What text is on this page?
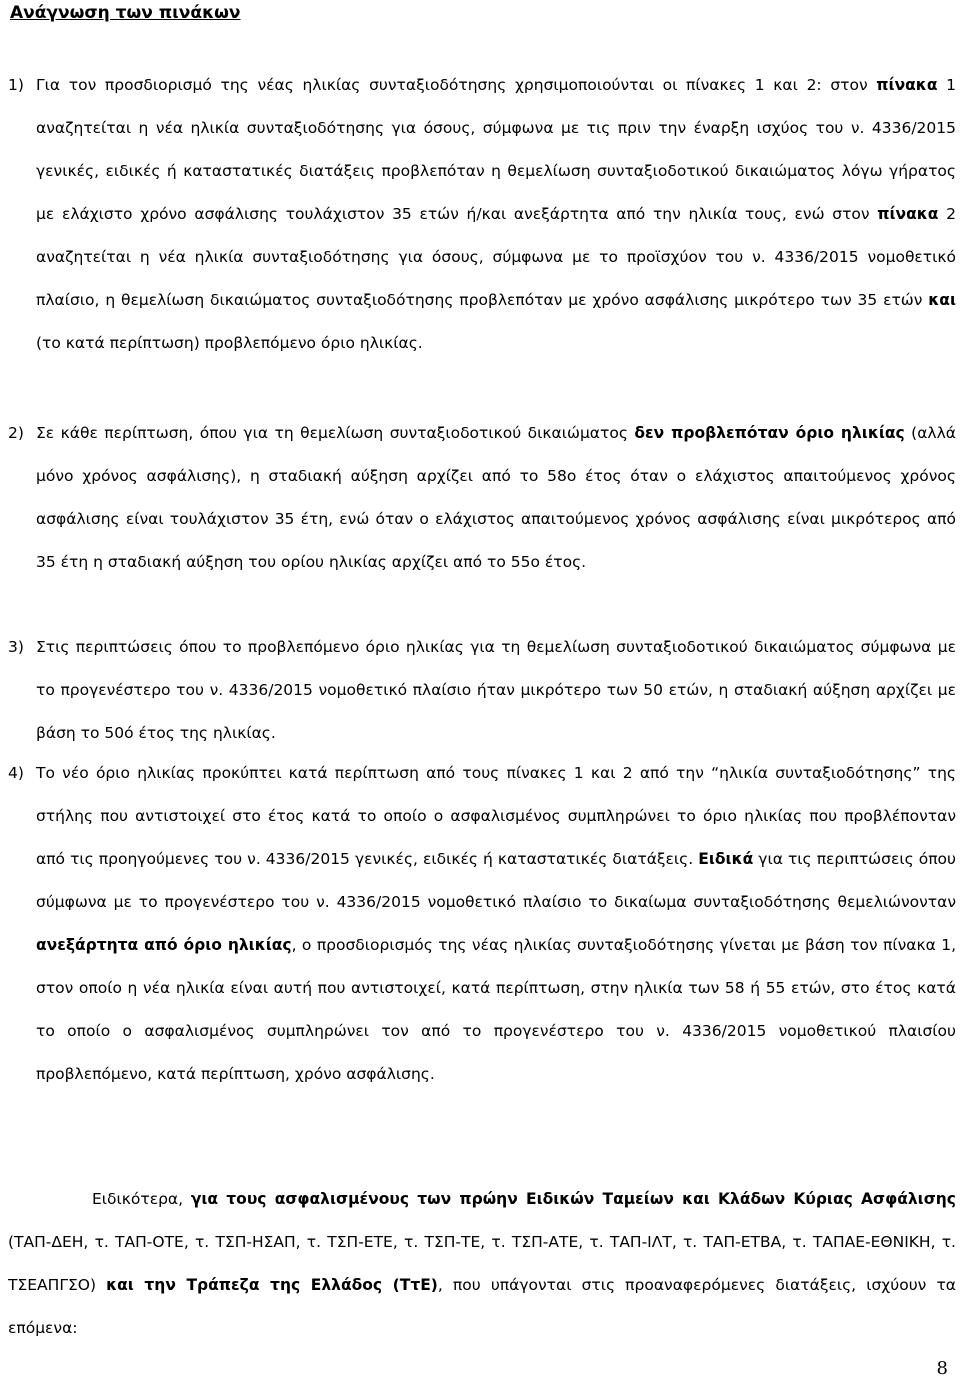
Ανάγνωση των πινάκων
1) Για τον προσδιορισμό της νέας ηλικίας συνταξιοδότησης χρησιμοποιούνται οι πίνακες 1 και 2: στον πίνακα 1 αναζητείται η νέα ηλικία συνταξιοδότησης για όσους, σύμφωνα με τις πριν την έναρξη ισχύος του ν. 4336/2015 γενικές, ειδικές ή καταστατικές διατάξεις προβλεπόταν η θεμελίωση συνταξιοδοτικού δικαιώματος λόγω γήρατος με ελάχιστο χρόνο ασφάλισης τουλάχιστον 35 ετών ή/και ανεξάρτητα από την ηλικία τους, ενώ στον πίνακα 2 αναζητείται η νέα ηλικία συνταξιοδότησης για όσους, σύμφωνα με το προϊσχύον του ν. 4336/2015 νομοθετικό πλαίσιο, η θεμελίωση δικαιώματος συνταξιοδότησης προβλεπόταν με χρόνο ασφάλισης μικρότερο των 35 ετών και (το κατά περίπτωση) προβλεπόμενο όριο ηλικίας.
2) Σε κάθε περίπτωση, όπου για τη θεμελίωση συνταξιοδοτικού δικαιώματος δεν προβλεπόταν όριο ηλικίας (αλλά μόνο χρόνος ασφάλισης), η σταδιακή αύξηση αρχίζει από το 58ο έτος όταν ο ελάχιστος απαιτούμενος χρόνος ασφάλισης είναι τουλάχιστον 35 έτη, ενώ όταν ο ελάχιστος απαιτούμενος χρόνος ασφάλισης είναι μικρότερος από 35 έτη η σταδιακή αύξηση του ορίου ηλικίας αρχίζει από το 55ο έτος.
3) Στις περιπτώσεις όπου το προβλεπόμενο όριο ηλικίας για τη θεμελίωση συνταξιοδοτικού δικαιώματος σύμφωνα με το προγενέστερο του ν. 4336/2015 νομοθετικό πλαίσιο ήταν μικρότερο των 50 ετών, η σταδιακή αύξηση αρχίζει με βάση το 50ό έτος της ηλικίας.
4) Το νέο όριο ηλικίας προκύπτει κατά περίπτωση από τους πίνακες 1 και 2 από την “ηλικία συνταξιοδότησης” της στήλης που αντιστοιχεί στο έτος κατά το οποίο ο ασφαλισμένος συμπληρώνει το όριο ηλικίας που προβλέπονταν από τις προηγούμενες του ν. 4336/2015 γενικές, ειδικές ή καταστατικές διατάξεις. Ειδικά για τις περιπτώσεις όπου σύμφωνα με το προγενέστερο του ν. 4336/2015 νομοθετικό πλαίσιο το δικαίωμα συνταξιοδότησης θεμελιώνονταν ανεξάρτητα από όριο ηλικίας, ο προσδιορισμός της νέας ηλικίας συνταξιοδότησης γίνεται με βάση τον πίνακα 1, στον οποίο η νέα ηλικία είναι αυτή που αντιστοιχεί, κατά περίπτωση, στην ηλικία των 58 ή 55 ετών, στο έτος κατά το οποίο ο ασφαλισμένος συμπληρώνει τον από το προγενέστερο του ν. 4336/2015 νομοθετικού πλαισίου προβλεπόμενο, κατά περίπτωση, χρόνο ασφάλισης.
Ειδικότερα, για τους ασφαλισμένους των πρώην Ειδικών Ταμείων και Κλάδων Κύριας Ασφάλισης (ΤΑΠ-ΔΕΗ, τ. ΤΑΠ-ΟΤΕ, τ. ΤΣΠ-ΗΣΑΠ, τ. ΤΣΠ-ΕΤΕ, τ. ΤΣΠ-ΤΕ, τ. ΤΣΠ-ΑΤΕ, τ. ΤΑΠ-ΙΛΤ, τ. ΤΑΠ-ΕΤΒΑ, τ. ΤΑΠΑΕ-ΕΘΝΙΚΗ, τ. ΤΣΕΑΠΓΣΟ) και την Τράπεζα της Ελλάδος (ΤτΕ), που υπάγονται στις προαναφερόμενες διατάξεις, ισχύουν τα επόμενα:
8
